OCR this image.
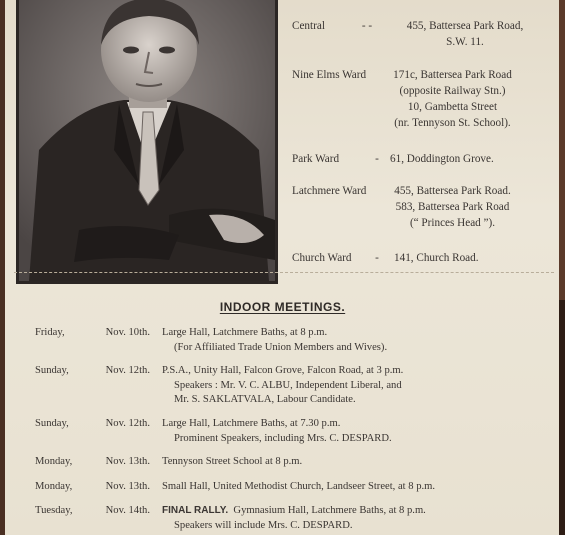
Central	- -	455, Battersea Park Road,
S.W. 11.
Nine Elms Ward	171c, Battersea Park Road
(opposite Railway Stn.)
10, Gambetta Street
(nr. Tennyson St. School).
Park Ward	- 61, Doddington Grove.
Latchmere Ward	455, Battersea Park Road.
583, Battersea Park Road
(“ Princes Head ”).
Church Ward	-	141, Church Road.
INDOOR MEETINGS.
Friday,	Nov. 10th. Large Hall, Latchmere Baths, at 8 p.m.
(For Affiliated Trade Union Members and Wives).
Sunday,	Nov. 12th. P.S.A., Unity Hall, Falcon Grove, Falcon Road, at 3 p.m.
Speakers : Mr. V. C. ALBU, Independent Liberal, and
Mr. S. SAKLATVALA, Labour Candidate.
Sunday,	Nov. 12th. Large Hall, Latchmere Baths, at 7.30 p.m.
Prominent Speakers, including Mrs. C. DESPARD.
Monday,	Nov. 13th. Tennyson Street School at 8 p.m.
Monday,	Nov. 13th. Small Hall, United Methodist Church, Landseer Street, at 8 p.m.
Tuesday,	Nov. 14th. FINAL RALLY. Gymnasium Hall, Latchmere Baths, at 8 p.m.
Speakers will include Mrs. C. DESPARD.
